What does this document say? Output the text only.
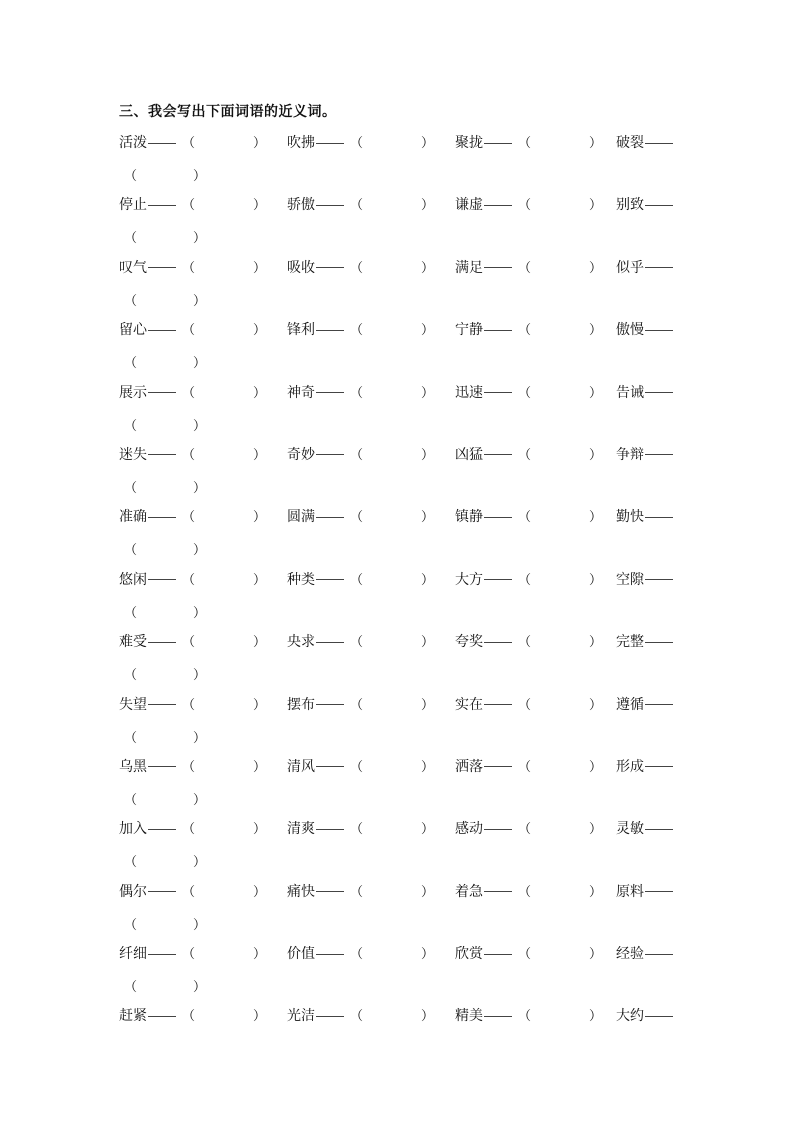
三、我会写出下面词语的近义词。
活泼	（	） 吹拂	（	） 聚拢	（	） 破裂
（	）
停止	（	） 骄傲	（	） 谦虚	（	） 别致
（	）
叹气	（	） 吸收	（	） 满足	（	） 似乎
（	）
留心	（	） 锋利	（	） 宁静	（	） 傲慢
（	）
展示	（	） 神奇	（	） 迅速	（	） 告诫
（	）
迷失	（	） 奇妙	（	） 凶猛	（	） 争辩
（	）
准确	（	） 圆满	（	） 镇静	（	） 勤快
（	）
悠闲	（	） 种类	（	） 大方	（	） 空隙
（	）
难受	（	） 央求	（	） 夸奖	（	） 完整
（	）
失望	（	） 摆布	（	） 实在	（	） 遵循
（	）
乌黑	（	） 清风	（	） 洒落	（	） 形成
（	）
加入	（	） 清爽	（	） 感动	（	） 灵敏
（	）
偶尔	（	） 痛快	（	） 着急	（	） 原料
（	）
纤细	（	） 价值	（	） 欣赏	（	） 经验
（	）
赶紧	（	） 光洁	（	） 精美	（	） 大约
